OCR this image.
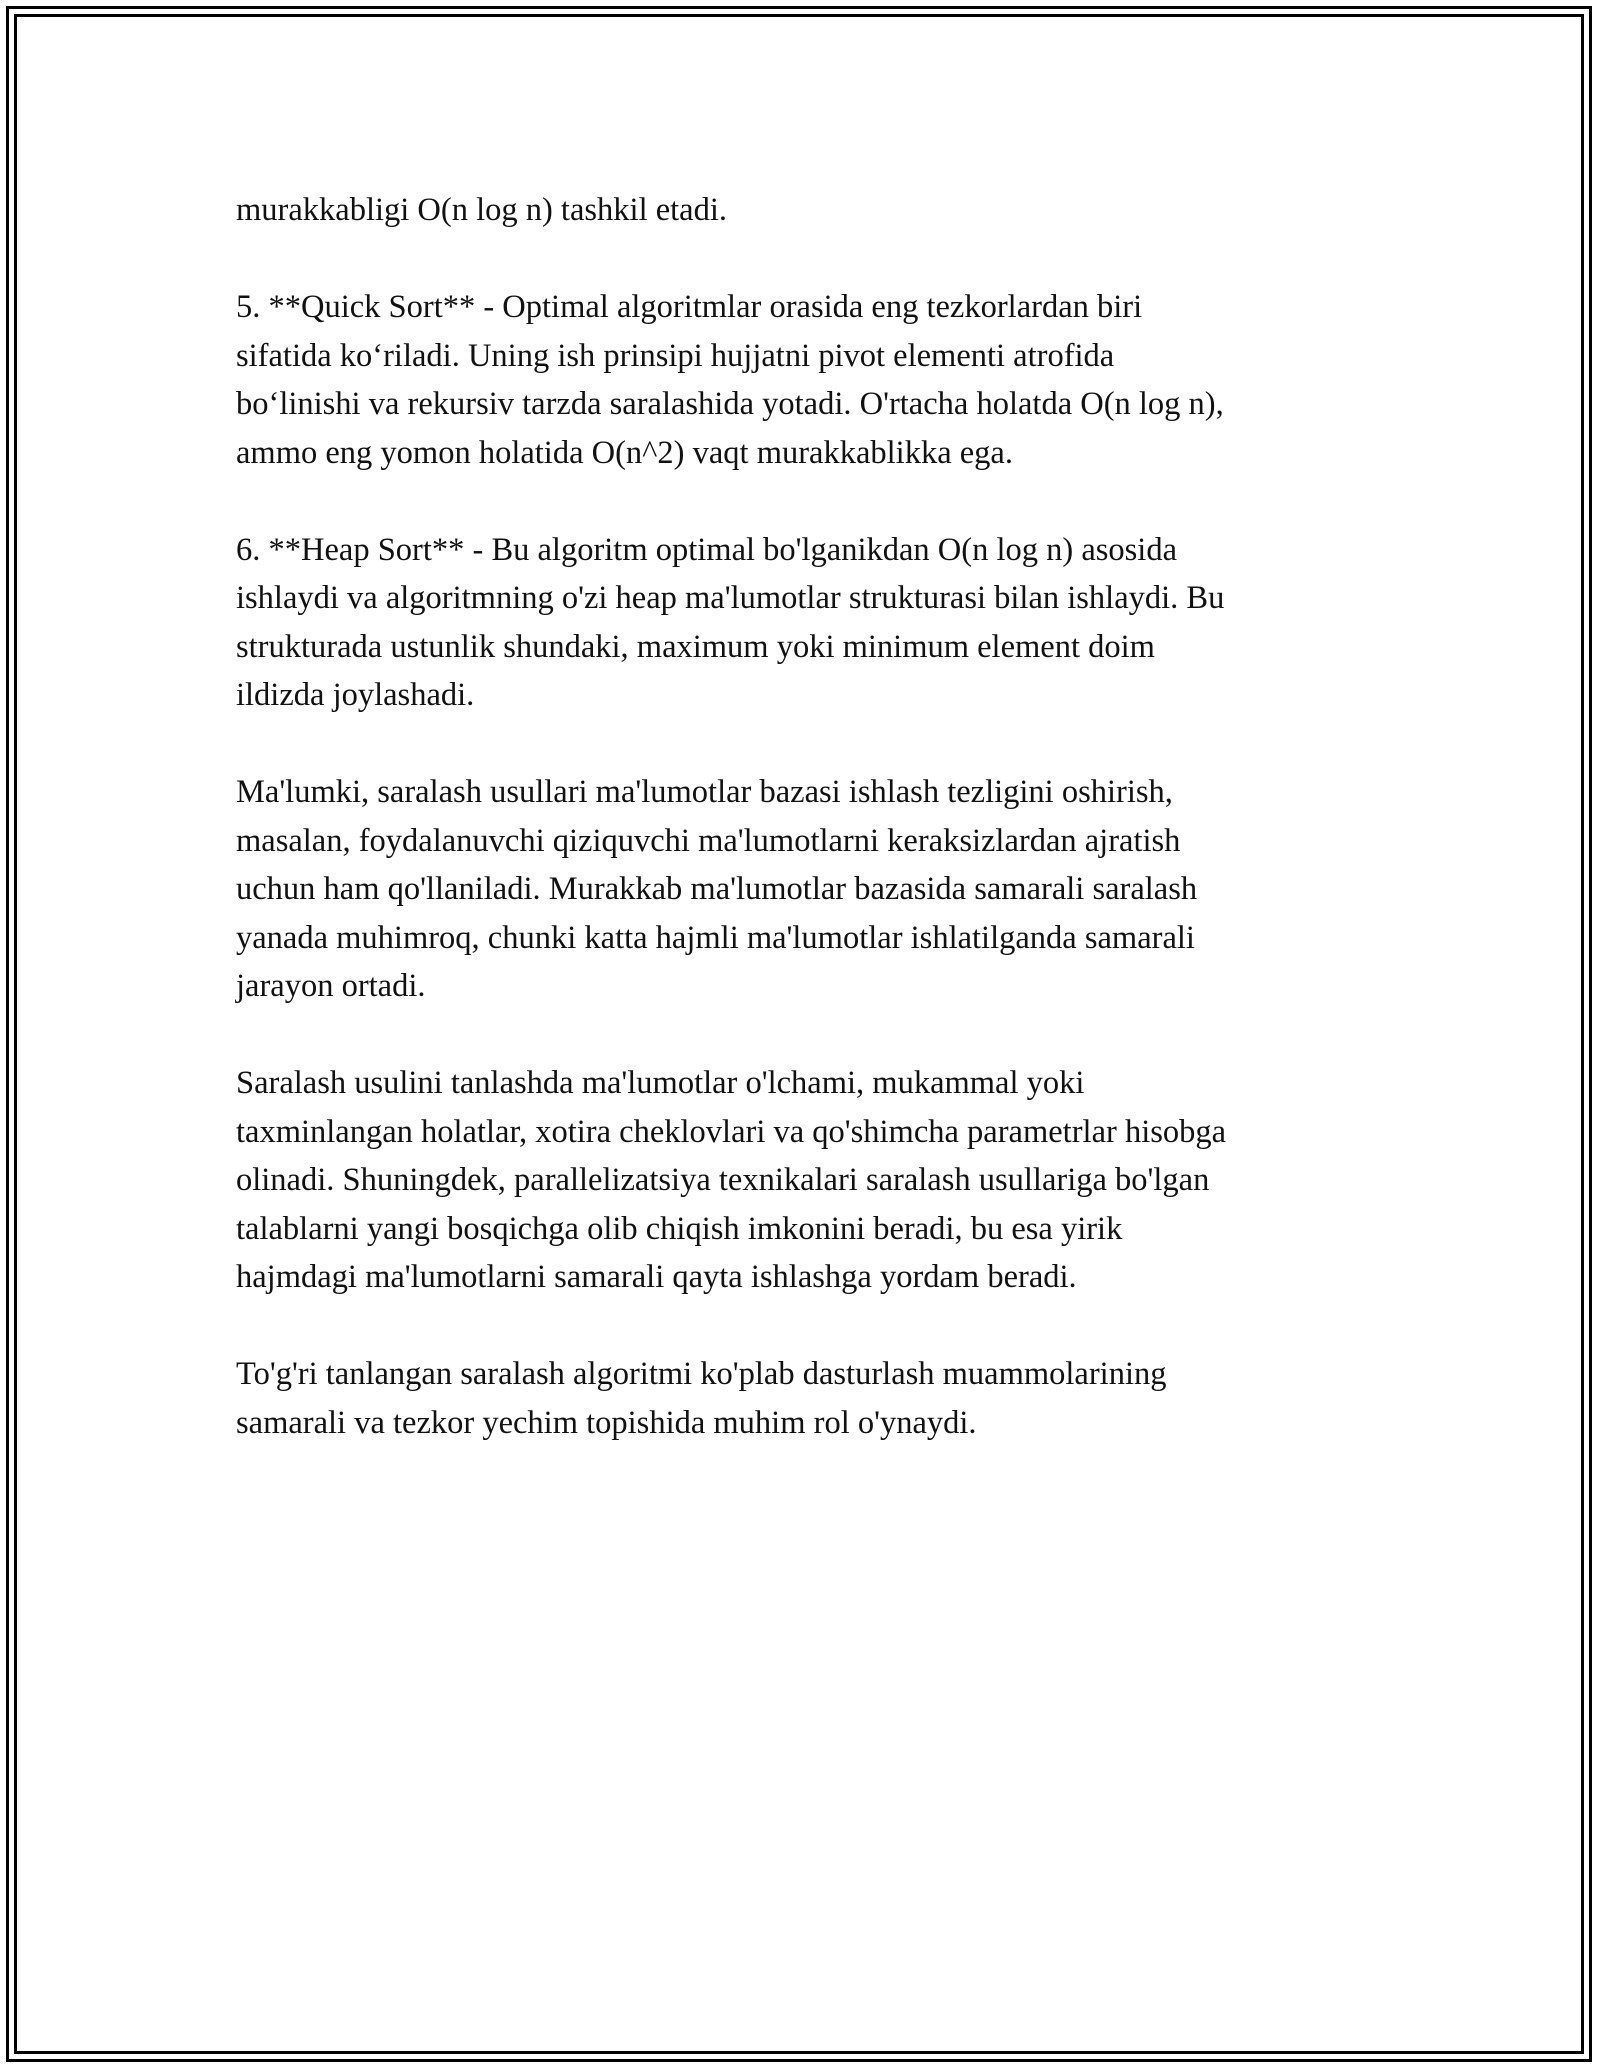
murakkabligi O(n log n) tashkil etadi.

5. **Quick Sort** - Optimal algoritmlar orasida eng tezkorlardan biri
sifatida koʻriladi. Uning ish prinsipi hujjatni pivot elementi atrofida
boʻlinishi va rekursiv tarzda saralashida yotadi. O'rtacha holatda O(n log n),
ammo eng yomon holatida O(n^2) vaqt murakkablikka ega.

6. **Heap Sort** - Bu algoritm optimal bo'lganikdan O(n log n) asosida
ishlaydi va algoritmning o'zi heap ma'lumotlar strukturasi bilan ishlaydi. Bu
strukturada ustunlik shundaki, maximum yoki minimum element doim
ildizda joylashadi.

Ma'lumki, saralash usullari ma'lumotlar bazasi ishlash tezligini oshirish,
masalan, foydalanuvchi qiziquvchi ma'lumotlarni keraksizlardan ajratish
uchun ham qo'llaniladi. Murakkab ma'lumotlar bazasida samarali saralash
yanada muhimroq, chunki katta hajmli ma'lumotlar ishlatilganda samarali
jarayon ortadi.

Saralash usulini tanlashda ma'lumotlar o'lchami, mukammal yoki
taxminlangan holatlar, xotira cheklovlari va qo'shimcha parametrlar hisobga
olinadi. Shuningdek, parallelizatsiya texnikalari saralash usullariga bo'lgan
talablarni yangi bosqichga olib chiqish imkonini beradi, bu esa yirik
hajmdagi ma'lumotlarni samarali qayta ishlashga yordam beradi.

To'g'ri tanlangan saralash algoritmi ko'plab dasturlash muammolarining
samarali va tezkor yechim topishida muhim rol o'ynaydi.
